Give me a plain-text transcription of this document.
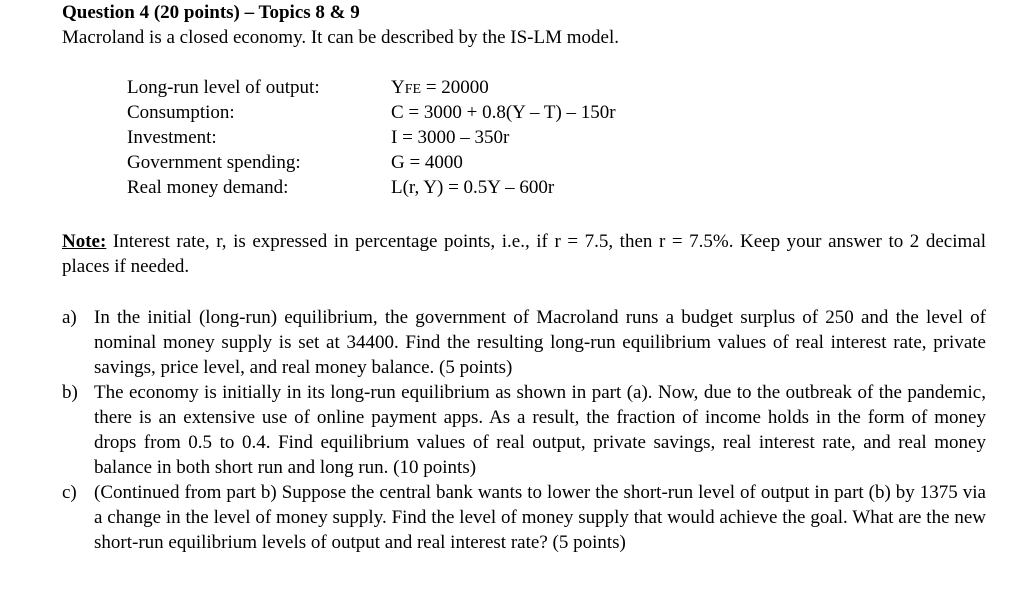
Question 4 (20 points) – Topics 8 & 9
Macroland is a closed economy. It can be described by the IS-LM model.
Long-run level of output:	YFE = 20000
Consumption:	C = 3000 + 0.8(Y – T) – 150r
Investment:	I = 3000 – 350r
Government spending:	G = 4000
Real money demand:	L(r, Y) = 0.5Y – 600r
Note: Interest rate, r, is expressed in percentage points, i.e., if r = 7.5, then r = 7.5%. Keep your answer to 2 decimal places if needed.
a) In the initial (long-run) equilibrium, the government of Macroland runs a budget surplus of 250 and the level of nominal money supply is set at 34400. Find the resulting long-run equilibrium values of real interest rate, private savings, price level, and real money balance. (5 points)
b) The economy is initially in its long-run equilibrium as shown in part (a). Now, due to the outbreak of the pandemic, there is an extensive use of online payment apps. As a result, the fraction of income holds in the form of money drops from 0.5 to 0.4. Find equilibrium values of real output, private savings, real interest rate, and real money balance in both short run and long run. (10 points)
c) (Continued from part b) Suppose the central bank wants to lower the short-run level of output in part (b) by 1375 via a change in the level of money supply. Find the level of money supply that would achieve the goal. What are the new short-run equilibrium levels of output and real interest rate? (5 points)
